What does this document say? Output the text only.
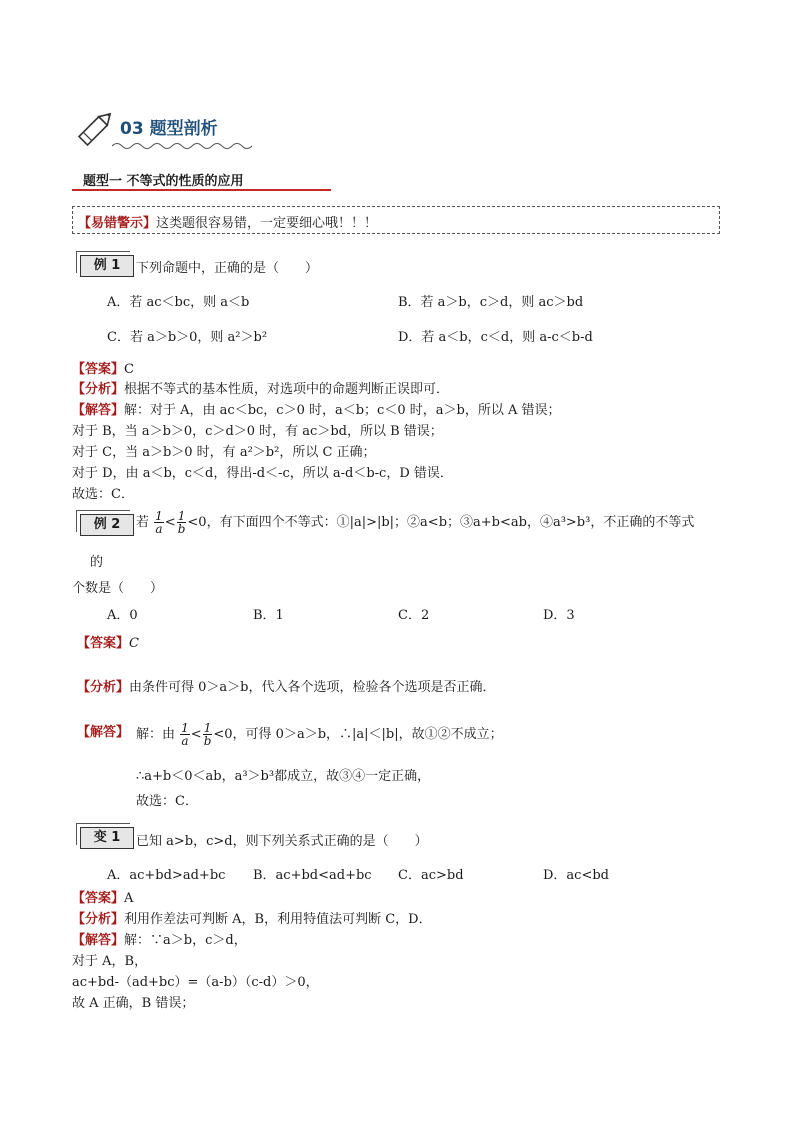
03 题型剖析
题型一 不等式的性质的应用
【易错警示】这类题很容易错，一定要细心哦！！！
例 1	下列命题中，正确的是（　　）
A．若 ac＜bc，则 a＜b	B．若 a＞b，c＞d，则 ac＞bd
C．若 a＞b＞0，则 a²＞b²	D．若 a＜b，c＜d，则 a-c＜b-d
【答案】C
【分析】根据不等式的基本性质，对选项中的命题判断正误即可．
【解答】解：对于 A，由 ac＜bc，c＞0 时，a＜b；c＜0 时，a＞b，所以 A 错误；
对于 B，当 a＞b＞0，c＞d＞0 时，有 ac＞bd，所以 B 错误；
对于 C，当 a＞b＞0 时，有 a²＞b²，所以 C 正确；
对于 D，由 a＜b，c＜d，得出-d＜-c，所以 a-d＜b-c，D 错误．
故选：C．
例 2	若 $\frac{1}{a} < \frac{1}{b} <0$，有下面四个不等式：①|a|>|b|；②a<b；③a+b<ab，④a³>b³，不正确的不等式
的
个数是（　　）
A．0	B．1	C．2	D．3
【答案】C
【分析】由条件可得 0＞a＞b，代入各个选项，检验各个选项是否正确．
【解答】 解：由 $\frac{1}{a} < \frac{1}{b} <0$，可得 0＞a＞b，∴|a|＜|b|，故①②不成立；
∴a+b＜0＜ab，a³＞b³都成立，故③④一定正确，
故选：C．
变 1	已知 a>b，c>d，则下列关系式正确的是（　　）
A．ac+bd>ad+bc B．ac+bd<ad+bc C．ac>bd	D．ac<bd
【答案】A
【分析】利用作差法可判断 A，B，利用特值法可判断 C，D．
【解答】解：∵a＞b，c＞d，
对于 A，B，
ac+bd-（ad+bc）=（a-b）（c-d）＞0，
故 A 正确，B 错误；
